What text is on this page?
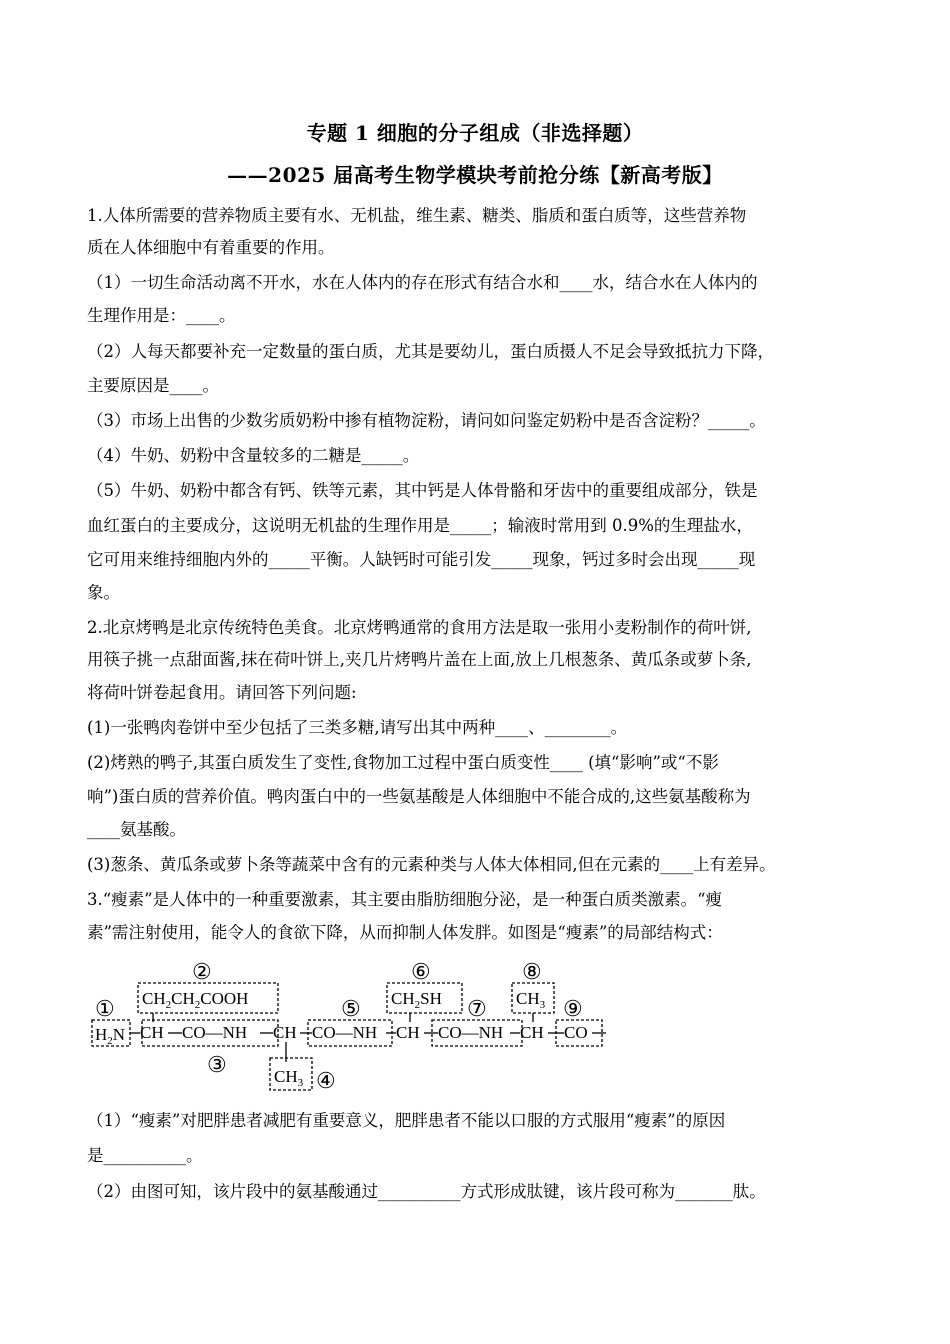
专题 1 细胞的分子组成（非选择题）
——2025 届高考生物学模块考前抢分练【新高考版】
1.人体所需要的营养物质主要有水、无机盐，维生素、糖类、脂质和蛋白质等，这些营养物
质在人体细胞中有着重要的作用。
（1）一切生命活动离不开水，水在人体内的存在形式有结合水和____水，结合水在人体内的
生理作用是：____。
（2）人每天都要补充一定数量的蛋白质，尤其是要幼儿，蛋白质摄人不足会导致抵抗力下降，
主要原因是____。
（3）市场上出售的少数劣质奶粉中掺有植物淀粉，请问如问鉴定奶粉中是否含淀粉？_____。
（4）牛奶、奶粉中含量较多的二糖是_____。
（5）牛奶、奶粉中都含有钙、铁等元素，其中钙是人体骨骼和牙齿中的重要组成部分，铁是
血红蛋白的主要成分，这说明无机盐的生理作用是_____；输液时常用到 0.9%的生理盐水，
它可用来维持细胞内外的_____平衡。人缺钙时可能引发_____现象，钙过多时会出现_____现
象。
2.北京烤鸭是北京传统特色美食。北京烤鸭通常的食用方法是取一张用小麦粉制作的荷叶饼,
用筷子挑一点甜面酱,抹在荷叶饼上,夹几片烤鸭片盖在上面,放上几根葱条、黄瓜条或萝卜条,
将荷叶饼卷起食用。请回答下列问题:
(1)一张鸭肉卷饼中至少包括了三类多糖,请写出其中两种____、________。
(2)烤熟的鸭子,其蛋白质发生了变性,食物加工过程中蛋白质变性____ (填“影响”或“不影
响”)蛋白质的营养价值。鸭肉蛋白中的一些氨基酸是人体细胞中不能合成的,这些氨基酸称为
____氨基酸。
(3)葱条、黄瓜条或萝卜条等蔬菜中含有的元素种类与人体大体相同,但在元素的____上有差异。
3.“瘦素”是人体中的一种重要激素，其主要由脂肪细胞分泌，是一种蛋白质类激素。“瘦
素”需注射使用，能令人的食欲下降，从而抑制人体发胖。如图是“瘦素”的局部结构式：
①
②
③
④
⑤
⑥
⑦
⑧
⑨
$H_2N$ CH CO—NH CH CO—NH CH CO—NH CH CO
$CH_2CH_2COOH$	$CH_2SH$	$CH_3$
$CH_3$
（1）“瘦素”对肥胖患者减肥有重要意义，肥胖患者不能以口服的方式服用“瘦素”的原因
是__________。
（2）由图可知，该片段中的氨基酸通过__________方式形成肽键，该片段可称为_______肽。
